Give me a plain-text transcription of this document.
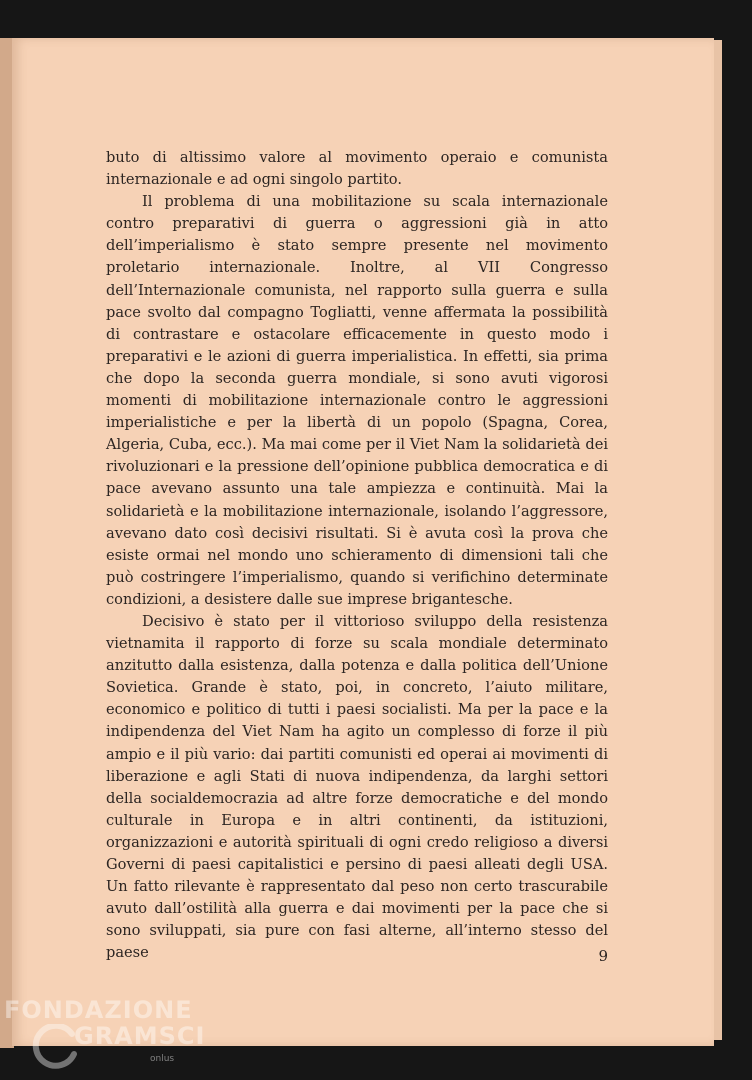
buto di altissimo valore al movimento operaio e comunista internazionale e ad ogni singolo partito.

Il problema di una mobilitazione su scala internazionale contro preparativi di guerra o aggressioni già in atto dell’imperialismo è stato sempre presente nel movimento proletario internazionale. Inoltre, al VII Congresso dell’Internazionale comunista, nel rapporto sulla guerra e sulla pace svolto dal compagno Togliatti, venne affermata la possibilità di contrastare e ostacolare efficacemente in questo modo i preparativi e le azioni di guerra imperialistica. In effetti, sia prima che dopo la seconda guerra mondiale, si sono avuti vigorosi momenti di mobilitazione internazionale contro le aggressioni imperialistiche e per la libertà di un popolo (Spagna, Corea, Algeria, Cuba, ecc.). Ma mai come per il Viet Nam la solidarietà dei rivoluzionari e la pressione dell’opinione pubblica democratica e di pace avevano assunto una tale ampiezza e continuità. Mai la solidarietà e la mobilitazione internazionale, isolando l’aggressore, avevano dato così decisivi risultati. Si è avuta così la prova che esiste ormai nel mondo uno schieramento di dimensioni tali che può costringere l’imperialismo, quando si verifichino determinate condizioni, a desistere dalle sue imprese brigantesche.

Decisivo è stato per il vittorioso sviluppo della resistenza vietnamita il rapporto di forze su scala mondiale determinato anzitutto dalla esistenza, dalla potenza e dalla politica dell’Unione Sovietica. Grande è stato, poi, in concreto, l’aiuto militare, economico e politico di tutti i paesi socialisti. Ma per la pace e la indipendenza del Viet Nam ha agito un complesso di forze il più ampio e il più vario: dai partiti comunisti ed operai ai movimenti di liberazione e agli Stati di nuova indipendenza, da larghi settori della socialdemocrazia ad altre forze democratiche e del mondo culturale in Europa e in altri continenti, da istituzioni, organizzazioni e autorità spirituali di ogni credo religioso a diversi Governi di paesi capitalistici e persino di paesi alleati degli USA. Un fatto rilevante è rappresentato dal peso non certo trascurabile avuto dall’ostilità alla guerra e dai movimenti per la pace che si sono sviluppati, sia pure con fasi alterne, all’interno stesso del paese	9
FONDAZIONE
GRAMSCI
onlus
